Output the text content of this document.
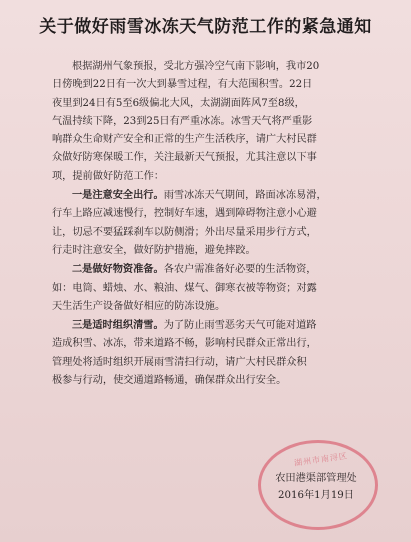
关于做好雨雪冰冻天气防范工作的紧急通知
根据湖州气象预报，受北方强冷空气南下影响，我市20
日傍晚到22日有一次大到暴雪过程，有大范围积雪。22日
夜里到24日有5至6级偏北大风，太湖湖面阵风7至8级，
气温持续下降，23到25日有严重冰冻。冰雪天气将严重影
响群众生命财产安全和正常的生产生活秩序，请广大村民群
众做好防寒保暖工作，关注最新天气预报，尤其注意以下事
项，提前做好防范工作：
一是注意安全出行。雨雪冰冻天气期间，路面冰冻易滑，
行车上路应减速慢行，控制好车速，遇到障碍物注意小心避
让，切忌不要猛踩刹车以防侧滑；外出尽量采用步行方式，
行走时注意安全，做好防护措施，避免摔跤。
二是做好物资准备。各农户需准备好必要的生活物资，
如：电筒、蜡烛、水、粮油、煤气、御寒衣被等物资；对露
天生活生产设备做好相应的防冻设施。
三是适时组织清雪。为了防止雨雪恶劣天气可能对道路
造成积雪、冰冻，带来道路不畅，影响村民群众正常出行，
管理处将适时组织开展雨雪清扫行动，请广大村民群众积
极参与行动，使交通道路畅通，确保群众出行安全。
湖州市南浔区
农田港渠部管理处
2016年1月19日
